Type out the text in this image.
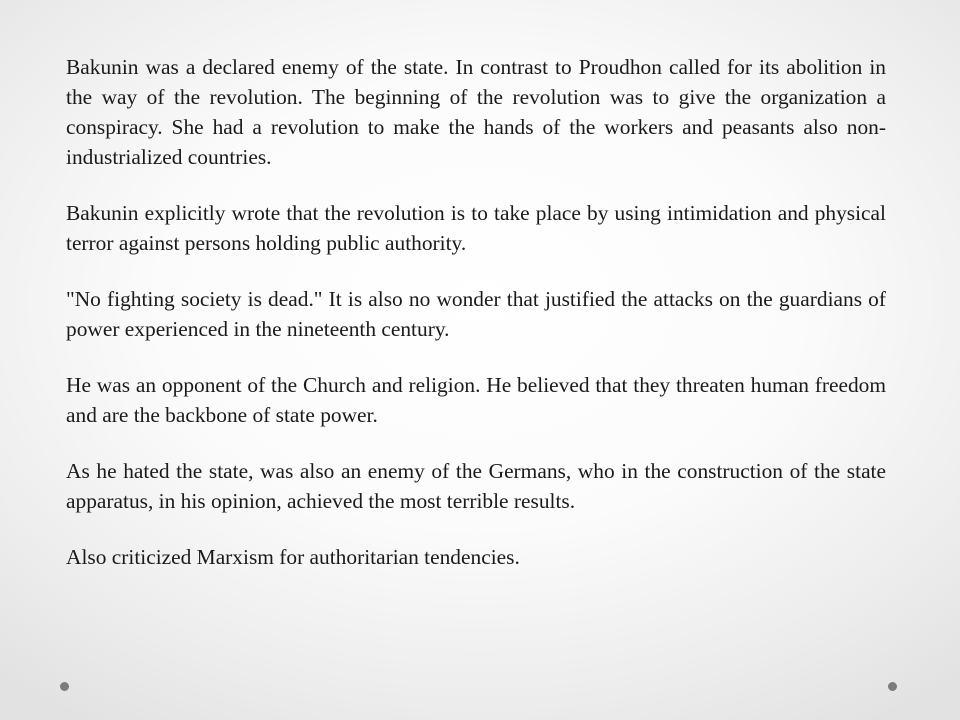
Bakunin was a declared enemy of the state. In contrast to Proudhon called for its abolition in the way of the revolution. The beginning of the revolution was to give the organization a conspiracy. She had a revolution to make the hands of the workers and peasants also non-industrialized countries.

Bakunin explicitly wrote that the revolution is to take place by using intimidation and physical terror against persons holding public authority.

"No fighting society is dead." It is also no wonder that justified the attacks on the guardians of power experienced in the nineteenth century.

He was an opponent of the Church and religion. He believed that they threaten human freedom and are the backbone of state power.

As he hated the state, was also an enemy of the Germans, who in the construction of the state apparatus, in his opinion, achieved the most terrible results.

Also criticized Marxism for authoritarian tendencies.
